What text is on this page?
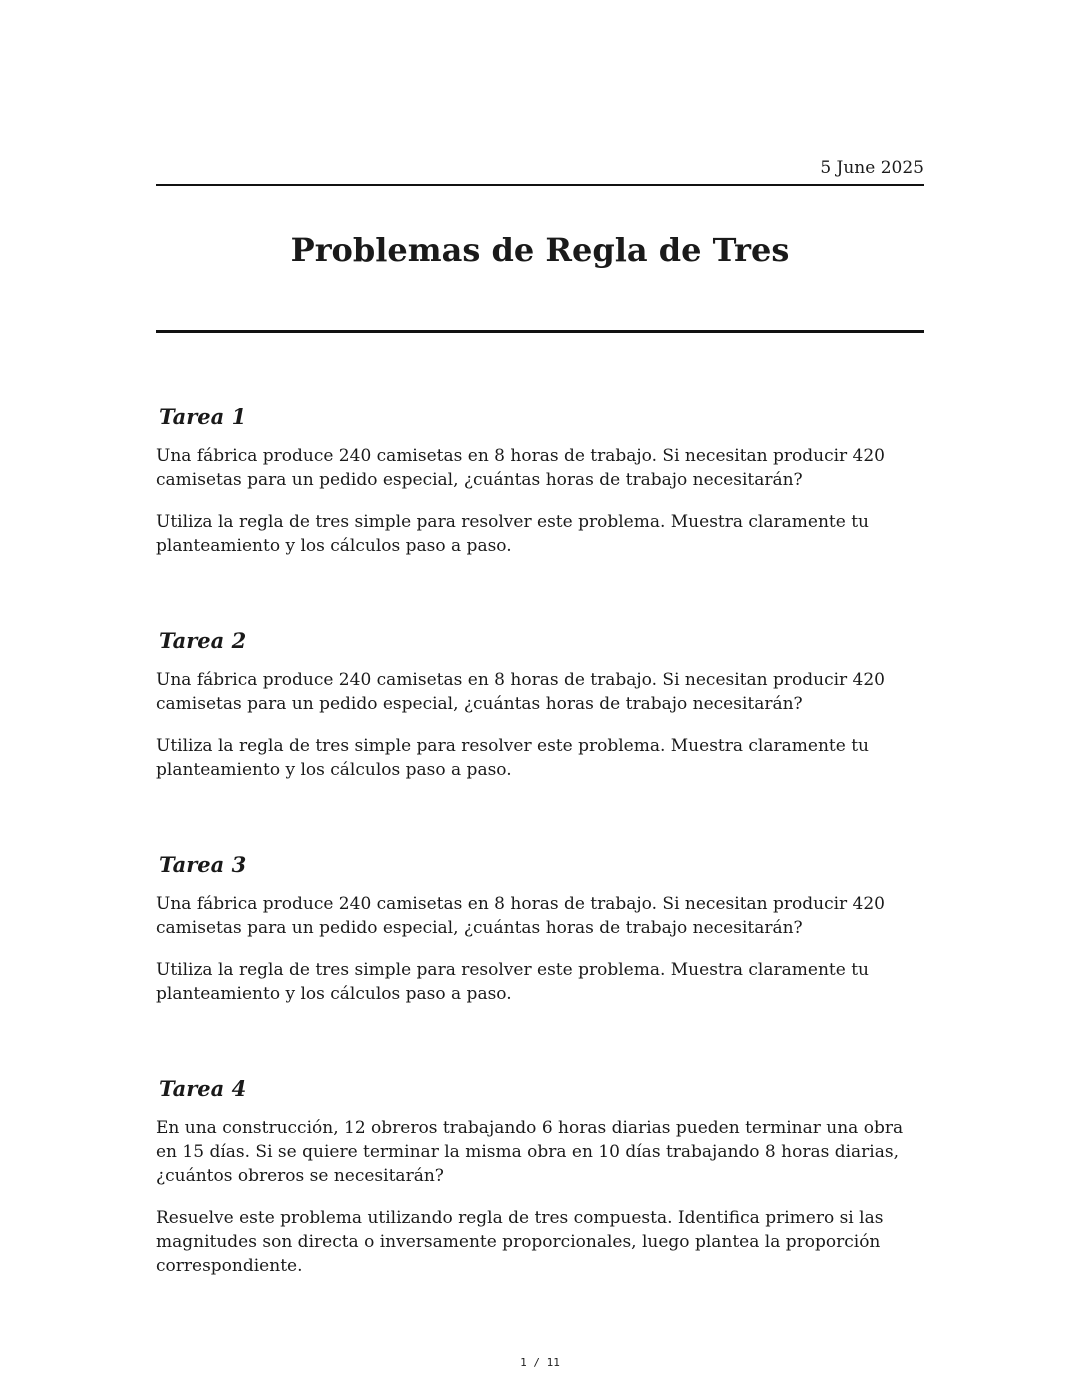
5 June 2025
Problemas de Regla de Tres
Tarea 1

Una fábrica produce 240 camisetas en 8 horas de trabajo. Si necesitan producir 420 camisetas para un pedido especial, ¿cuántas horas de trabajo necesitarán?

Utiliza la regla de tres simple para resolver este problema. Muestra claramente tu planteamiento y los cálculos paso a paso.

Tarea 2

Una fábrica produce 240 camisetas en 8 horas de trabajo. Si necesitan producir 420 camisetas para un pedido especial, ¿cuántas horas de trabajo necesitarán?

Utiliza la regla de tres simple para resolver este problema. Muestra claramente tu planteamiento y los cálculos paso a paso.

Tarea 3

Una fábrica produce 240 camisetas en 8 horas de trabajo. Si necesitan producir 420 camisetas para un pedido especial, ¿cuántas horas de trabajo necesitarán?

Utiliza la regla de tres simple para resolver este problema. Muestra claramente tu planteamiento y los cálculos paso a paso.

Tarea 4

En una construcción, 12 obreros trabajando 6 horas diarias pueden terminar una obra en 15 días. Si se quiere terminar la misma obra en 10 días trabajando 8 horas diarias, ¿cuántos obreros se necesitarán?

Resuelve este problema utilizando regla de tres compuesta. Identifica primero si las magnitudes son directa o inversamente proporcionales, luego plantea la proporción correspondiente.

1 / 11
